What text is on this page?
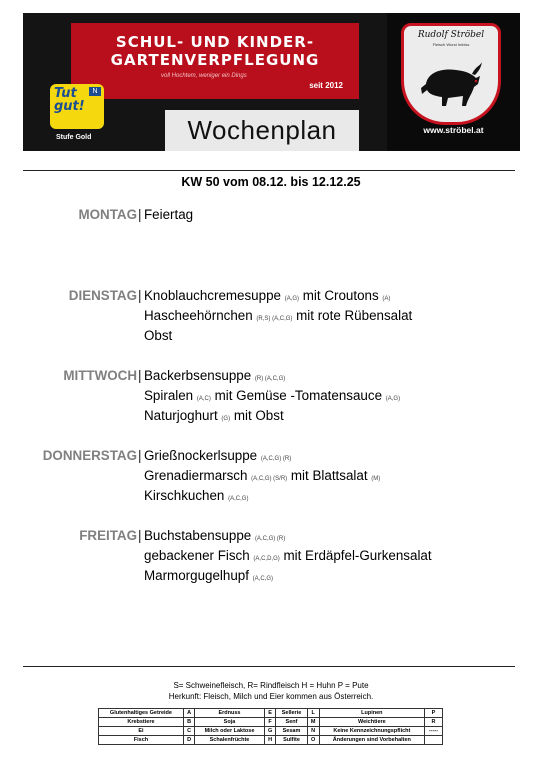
SCHUL- UND KINDER-
GARTENVERPFLEGUNG
voll Hochtem, weniger ein Dings
seit 2012
Tut gut!
N
Stufe Gold	Wochenplan
Rudolf Ströbel
Fleisch Wurst Imbiss
www.ströbel.at
KW 50 vom 08.12. bis 12.12.25
MONTAG | Feiertag
DIENSTAG | Knoblauchcremesuppe (A,G) mit Croutons (A)
Hascheehörnchen (R,S) (A,C,G) mit rote Rübensalat
Obst
MITTWOCH | Backerbsensuppe (R) (A,C,G)
Spiralen (A,C) mit Gemüse -Tomatensauce (A,G)
Naturjoghurt (G) mit Obst
DONNERSTAG | Grießnockerlsuppe (A,C,G) (R)
Grenadiermarsch (A,C,G) (S/R) mit Blattsalat (M)
Kirschkuchen (A,C,G)
FREITAG | Buchstabensuppe (A,C,G) (R)
gebackener Fisch (A,C,D,G) mit Erdäpfel-Gurkensalat
Marmorgugelhupf (A,C,G)
S= Schweinefleisch, R= Rindfleisch H = Huhn P = Pute
Herkunft: Fleisch, Milch und Eier kommen aus Österreich.
Glutenhaltiges Getreide	A	Erdnuss	E	Sellerie	L	Lupinen	P
Krebstiere	B	Soja	F	Senf	M	Weichtiere	R
Ei	C	Milch oder Laktose	G	Sesam	N	Keine Kennzeichnungspflicht	-----
Fisch	D	Schalenfrüchte	H	Sulfite	O	Änderungen sind Vorbehalten	
